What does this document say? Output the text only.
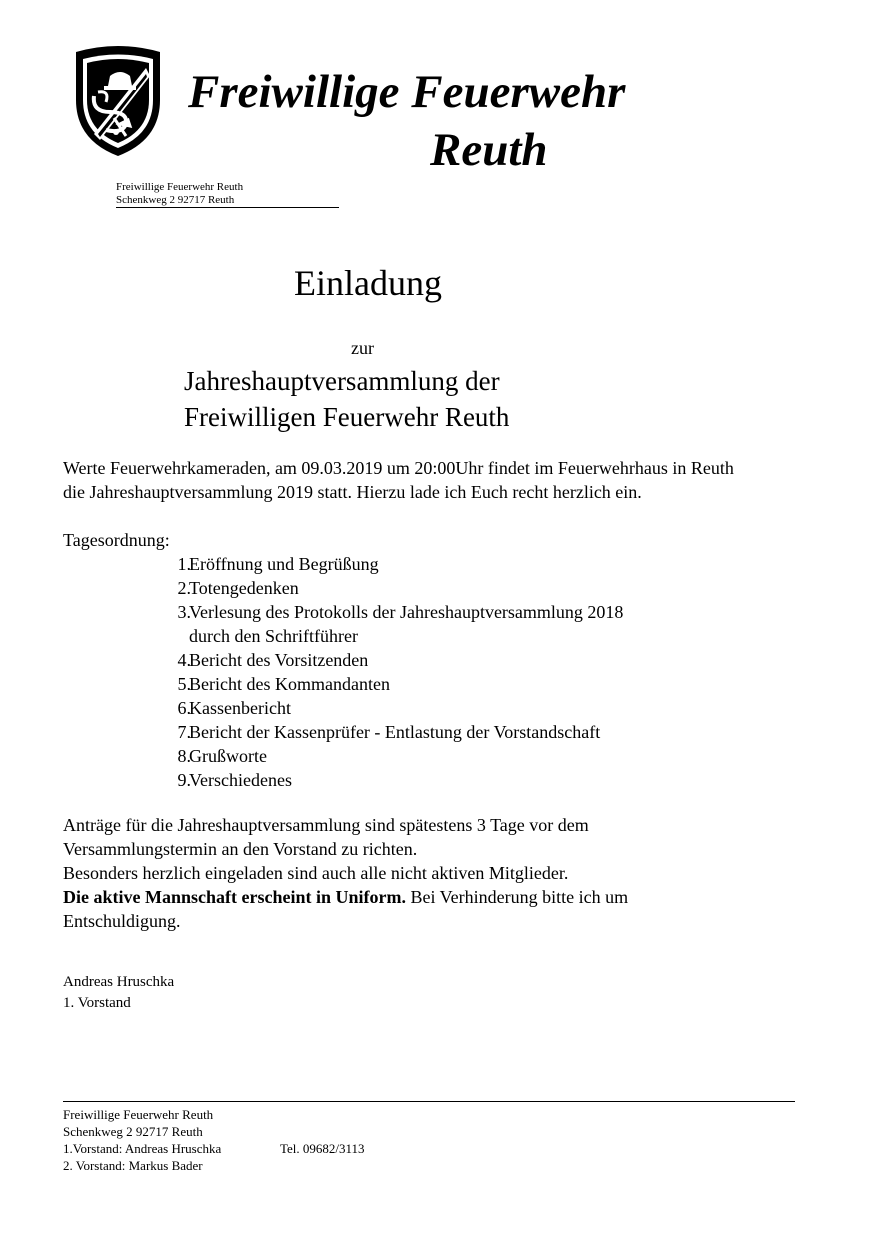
Freiwillige Feuerwehr
Reuth
Freiwillige Feuerwehr Reuth
Schenkweg 2 92717 Reuth
Einladung
zur
Jahreshauptversammlung der
Freiwilligen Feuerwehr Reuth
Werte Feuerwehrkameraden, am 09.03.2019 um 20:00Uhr findet im Feuerwehrhaus in Reuth
die Jahreshauptversammlung 2019 statt. Hierzu lade ich Euch recht herzlich ein.
Tagesordnung:
1.
Eröffnung und Begrüßung
2.
Totengedenken
3.
Verlesung des Protokolls der Jahreshauptversammlung 2018
durch den Schriftführer
4.
Bericht des Vorsitzenden
5.
Bericht des Kommandanten
6.
Kassenbericht
7.
Bericht der Kassenprüfer - Entlastung der Vorstandschaft
8.
Grußworte
9.
Verschiedenes
Anträge für die Jahreshauptversammlung sind spätestens 3 Tage vor dem
Versammlungstermin an den Vorstand zu richten.
Besonders herzlich eingeladen sind auch alle nicht aktiven Mitglieder.
Die aktive Mannschaft erscheint in Uniform. Bei Verhinderung bitte ich um
Entschuldigung.
Andreas Hruschka
1. Vorstand
Freiwillige Feuerwehr Reuth
Schenkweg 2 92717 Reuth
1.Vorstand: Andreas Hruschka	Tel. 09682/3113
2. Vorstand: Markus Bader
